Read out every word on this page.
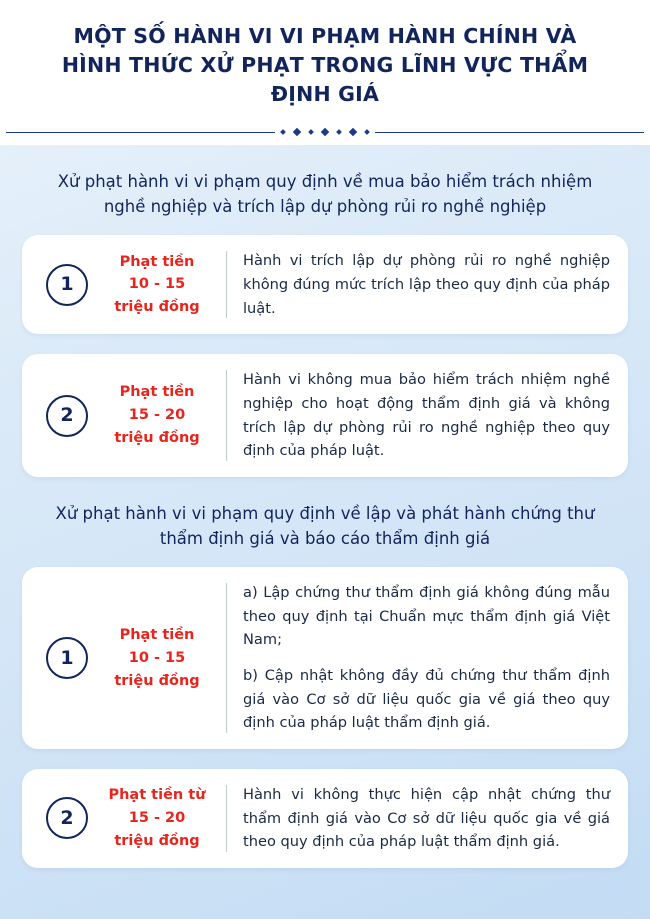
MỘT SỐ HÀNH VI VI PHẠM HÀNH CHÍNH VÀ
HÌNH THỨC XỬ PHẠT TRONG LĨNH VỰC THẨM ĐỊNH GIÁ
Xử phạt hành vi vi phạm quy định về mua bảo hiểm trách nhiệm nghề nghiệp và trích lập dự phòng rủi ro nghề nghiệp
1
Phạt tiền
10 - 15
triệu đồng

Hành vi trích lập dự phòng rủi ro nghề nghiệp không đúng mức trích lập theo quy định của pháp luật.

2
Phạt tiền
15 - 20
triệu đồng

Hành vi không mua bảo hiểm trách nhiệm nghề nghiệp cho hoạt động thẩm định giá và không trích lập dự phòng rủi ro nghề nghiệp theo quy định của pháp luật.

Xử phạt hành vi vi phạm quy định về lập và phát hành chứng thư thẩm định giá và báo cáo thẩm định giá
1
Phạt tiền
10 - 15
triệu đồng

a) Lập chứng thư thẩm định giá không đúng mẫu theo quy định tại Chuẩn mực thẩm định giá Việt Nam;

b) Cập nhật không đầy đủ chứng thư thẩm định giá vào Cơ sở dữ liệu quốc gia về giá theo quy định của pháp luật thẩm định giá.

2
Phạt tiền từ
15 - 20
triệu đồng

Hành vi không thực hiện cập nhật chứng thư thẩm định giá vào Cơ sở dữ liệu quốc gia về giá theo quy định của pháp luật thẩm định giá.
